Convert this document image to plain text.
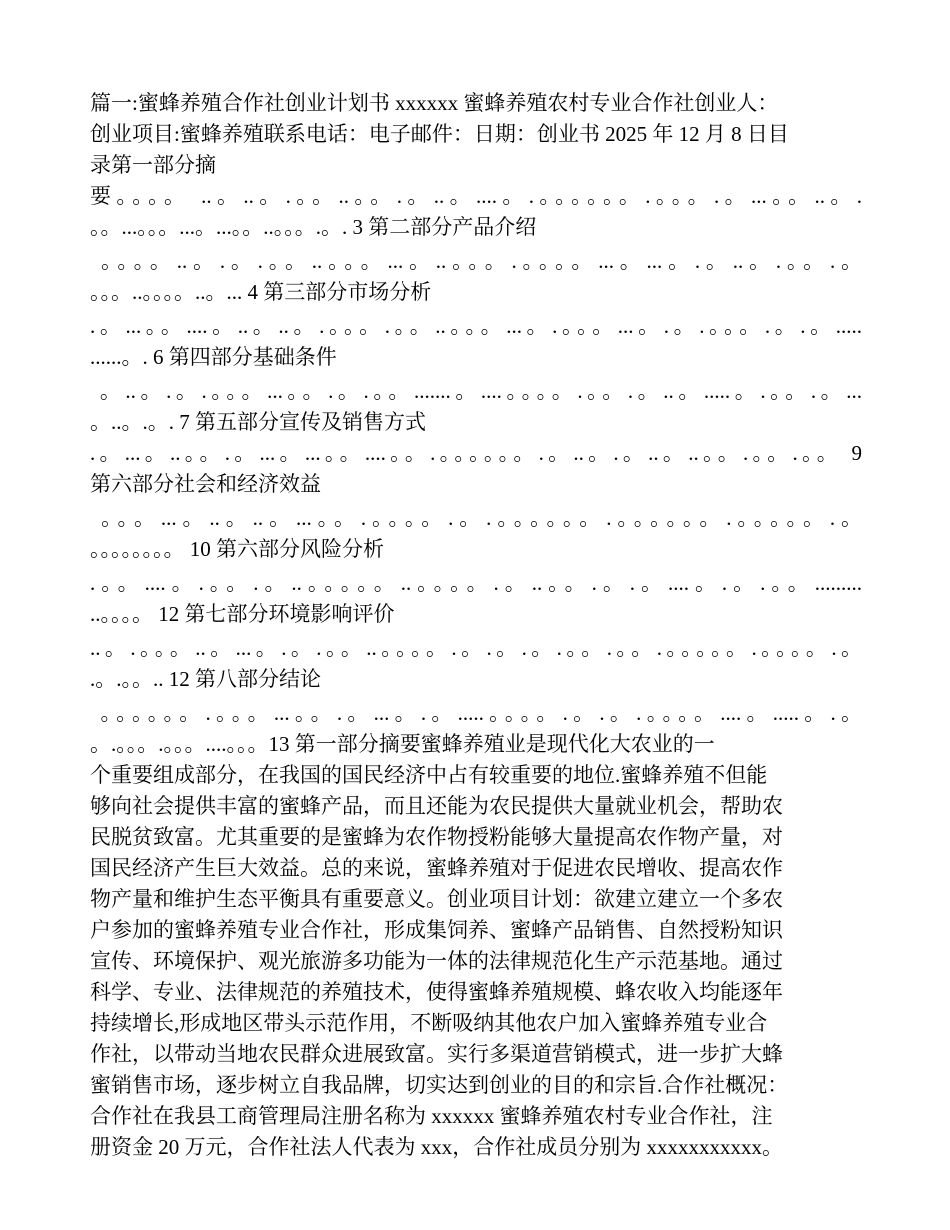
篇一:蜜蜂养殖合作社创业计划书 xxxxxx 蜜蜂养殖农村专业合作社创业人：
创业项目:蜜蜂养殖联系电话：电子邮件：日期：创业书 2025 年 12 月 8 日目
录第一部分摘
要。。。。 ..。..。.。。..。。.。..。....。.。。。。。。.。。。.。...。。..。.
。。...。。。...。...。。..。。。.。. 3 第二部分产品介绍
。。。。..。.。.。。..。。。...。..。。。.。。。。...。...。.。..。.。。.。
。。。..。。。。..。... 4 第三部分市场分析
.。...。。....。..。..。.。。。.。。..。。。...。.。。。...。.。.。。。.。.。.....
......。. 6 第四部分基础条件
。..。.。.。。。...。。.。.。。.......。....。。。。.。。.。..。.....。.。。.。...
。..。.。. 7 第五部分宣传及销售方式
.。...。..。。.。...。...。。....。。.。。。。。。.。..。.。..。..。。.。。.。。 9
第六部分社会和经济效益
。。。...。..。..。...。。.。。。。.。.。。。。。。.。。。。。。.。。。。。.。
。。。。。。。。 10 第六部分风险分析
.。。....。.。。.。..。。。。。..。。。。.。..。。.。.。....。.。.。。.........
..。。。。 12 第七部分环境影响评价
..。.。。。..。...。.。.。。..。。。。.。.。.。.。。.。。.。。。。。.。。。。.。
.。.。。.. 12 第八部分结论
。。。。。。.。。。...。。.。...。.。.....。。。。.。.。.。。。。....。.....。.。
。.。。。.。。。....。。。13 第一部分摘要蜜蜂养殖业是现代化大农业的一
个重要组成部分，在我国的国民经济中占有较重要的地位.蜜蜂养殖不但能
够向社会提供丰富的蜜蜂产品，而且还能为农民提供大量就业机会，帮助农
民脱贫致富。尤其重要的是蜜蜂为农作物授粉能够大量提高农作物产量，对
国民经济产生巨大效益。总的来说，蜜蜂养殖对于促进农民增收、提高农作
物产量和维护生态平衡具有重要意义。创业项目计划：欲建立建立一个多农
户参加的蜜蜂养殖专业合作社，形成集饲养、蜜蜂产品销售、自然授粉知识
宣传、环境保护、观光旅游多功能为一体的法律规范化生产示范基地。通过
科学、专业、法律规范的养殖技术，使得蜜蜂养殖规模、蜂农收入均能逐年
持续增长,形成地区带头示范作用，不断吸纳其他农户加入蜜蜂养殖专业合
作社，以带动当地农民群众进展致富。实行多渠道营销模式，进一步扩大蜂
蜜销售市场，逐步树立自我品牌，切实达到创业的目的和宗旨.合作社概况：
合作社在我县工商管理局注册名称为 xxxxxx 蜜蜂养殖农村专业合作社，注
册资金 20 万元，合作社法人代表为 xxx，合作社成员分别为 xxxxxxxxxxx。
